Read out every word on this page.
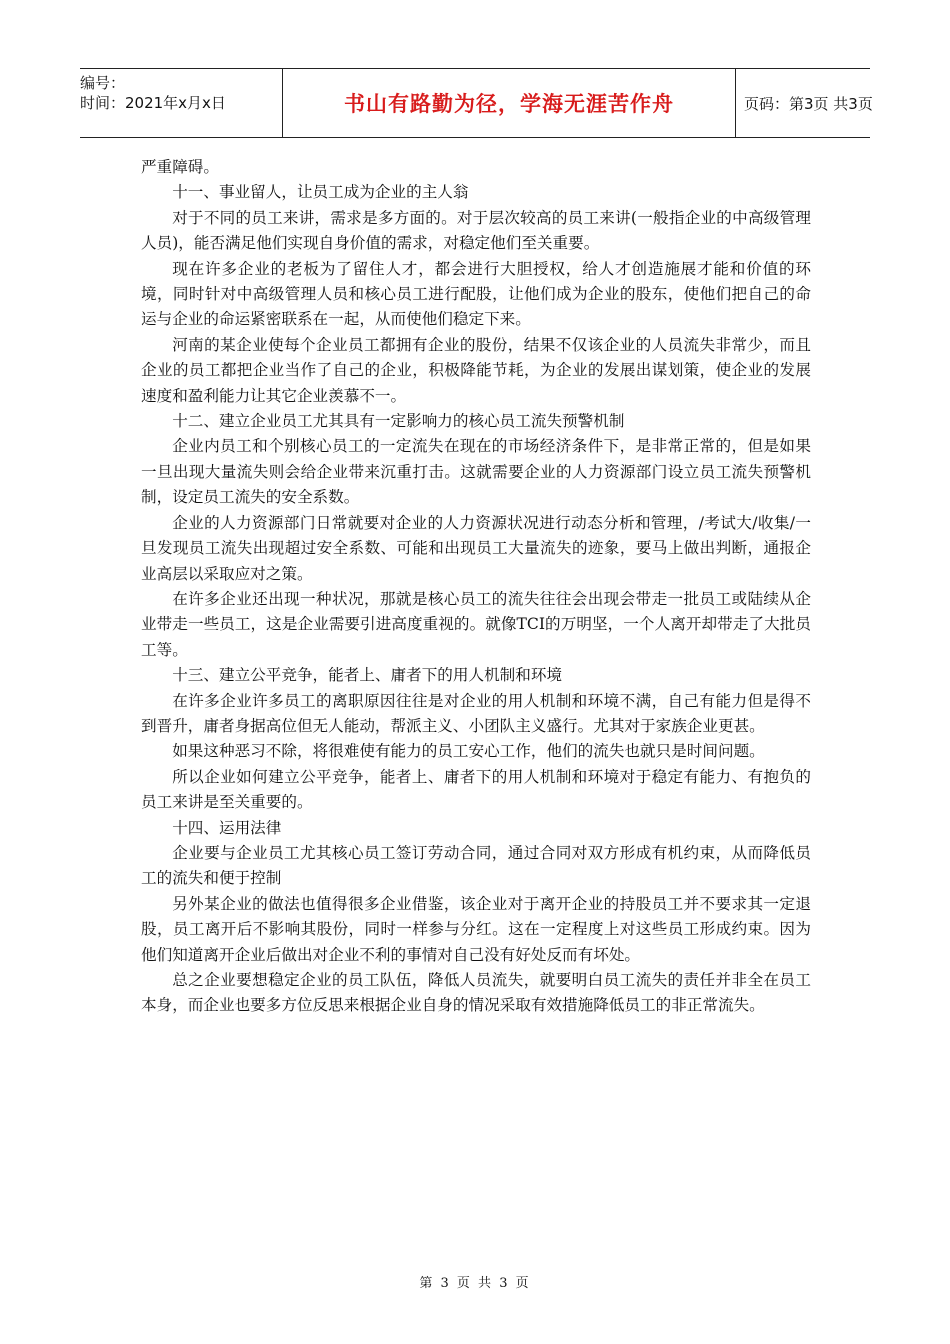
编号：
时间：2021年x月x日	书山有路勤为径，学海无涯苦作舟	页码：第3页 共3页

严重障碍。

十一、事业留人，让员工成为企业的主人翁

对于不同的员工来讲，需求是多方面的。对于层次较高的员工来讲(一般指企业的中高级管理人员)，能否满足他们实现自身价值的需求，对稳定他们至关重要。

现在许多企业的老板为了留住人才，都会进行大胆授权，给人才创造施展才能和价值的环境，同时针对中高级管理人员和核心员工进行配股，让他们成为企业的股东，使他们把自己的命运与企业的命运紧密联系在一起，从而使他们稳定下来。

河南的某企业使每个企业员工都拥有企业的股份，结果不仅该企业的人员流失非常少，而且企业的员工都把企业当作了自己的企业，积极降能节耗，为企业的发展出谋划策，使企业的发展速度和盈利能力让其它企业羡慕不一。

十二、建立企业员工尤其具有一定影响力的核心员工流失预警机制

企业内员工和个别核心员工的一定流失在现在的市场经济条件下，是非常正常的，但是如果一旦出现大量流失则会给企业带来沉重打击。这就需要企业的人力资源部门设立员工流失预警机制，设定员工流失的安全系数。

企业的人力资源部门日常就要对企业的人力资源状况进行动态分析和管理，/考试大/收集/一旦发现员工流失出现超过安全系数、可能和出现员工大量流失的迹象，要马上做出判断，通报企业高层以采取应对之策。

在许多企业还出现一种状况，那就是核心员工的流失往往会出现会带走一批员工或陆续从企业带走一些员工，这是企业需要引进高度重视的。就像TCI的万明坚，一个人离开却带走了大批员工等。

十三、建立公平竞争，能者上、庸者下的用人机制和环境

在许多企业许多员工的离职原因往往是对企业的用人机制和环境不满，自己有能力但是得不到晋升，庸者身据高位但无人能动，帮派主义、小团队主义盛行。尤其对于家族企业更甚。

如果这种恶习不除，将很难使有能力的员工安心工作，他们的流失也就只是时间问题。

所以企业如何建立公平竞争，能者上、庸者下的用人机制和环境对于稳定有能力、有抱负的员工来讲是至关重要的。

十四、运用法律

企业要与企业员工尤其核心员工签订劳动合同，通过合同对双方形成有机约束，从而降低员工的流失和便于控制

另外某企业的做法也值得很多企业借鉴，该企业对于离开企业的持股员工并不要求其一定退股，员工离开后不影响其股份，同时一样参与分红。这在一定程度上对这些员工形成约束。因为他们知道离开企业后做出对企业不利的事情对自己没有好处反而有坏处。

总之企业要想稳定企业的员工队伍，降低人员流失，就要明白员工流失的责任并非全在员工本身，而企业也要多方位反思来根据企业自身的情况采取有效措施降低员工的非正常流失。

第 3 页 共 3 页
